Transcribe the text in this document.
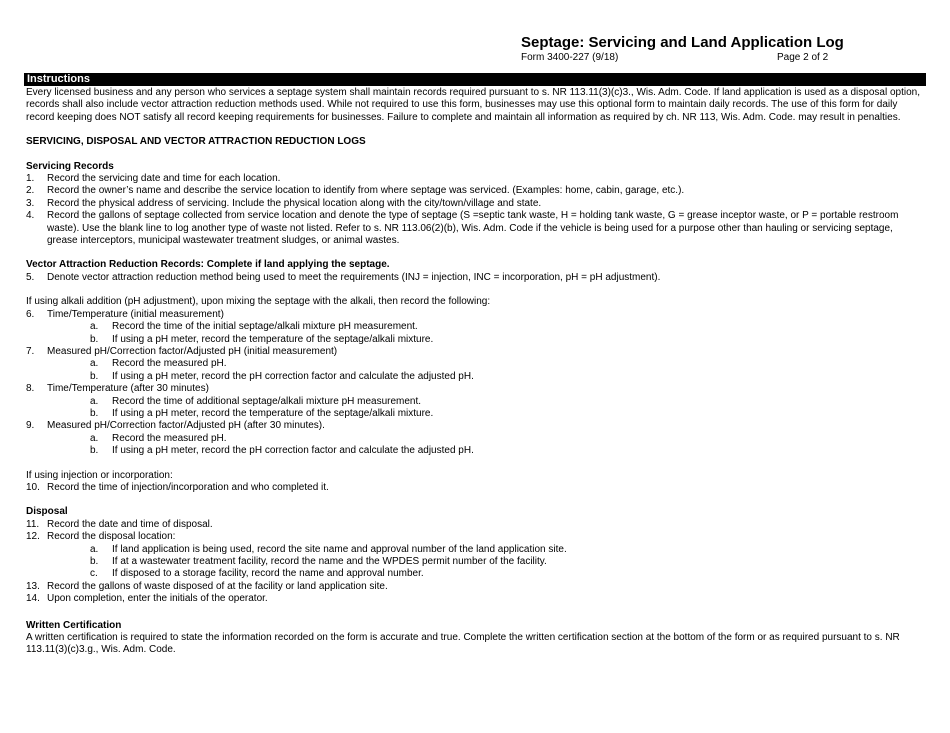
Septage: Servicing and Land Application Log
Form 3400-227 (9/18)	Page 2 of 2
Instructions

Every licensed business and any person who services a septage system shall maintain records required pursuant to s. NR 113.11(3)(c)3., Wis. Adm. Code. If land application is used as a disposal option, records shall also include vector attraction reduction methods used. While not required to use this form, businesses may use this optional form to maintain daily records. The use of this form for daily record keeping does NOT satisfy all record keeping requirements for businesses. Failure to complete and maintain all information as required by ch. NR 113, Wis. Adm. Code. may result in penalties.

SERVICING, DISPOSAL AND VECTOR ATTRACTION REDUCTION LOGS

Servicing Records

1. Record the servicing date and time for each location.
2. Record the owner’s name and describe the service location to identify from where septage was serviced. (Examples: home, cabin, garage, etc.).
3. Record the physical address of servicing. Include the physical location along with the city/town/village and state.
4. Record the gallons of septage collected from service location and denote the type of septage (S =septic tank waste, H = holding tank waste, G = grease inceptor waste, or P = portable restroom waste). Use the blank line to log another type of waste not listed. Refer to s. NR 113.06(2)(b), Wis. Adm. Code if the vehicle is being used for a purpose other than hauling or servicing septage, grease interceptors, municipal wastewater treatment sludges, or animal wastes.

Vector Attraction Reduction Records: Complete if land applying the septage.

5. Denote vector attraction reduction method being used to meet the requirements (INJ = injection, INC = incorporation, pH = pH adjustment).

If using alkali addition (pH adjustment), upon mixing the septage with the alkali, then record the following:

6. Time/Temperature (initial measurement)
a. Record the time of the initial septage/alkali mixture pH measurement.
b. If using a pH meter, record the temperature of the septage/alkali mixture.
7. Measured pH/Correction factor/Adjusted pH (initial measurement)
a. Record the measured pH.
b. If using a pH meter, record the pH correction factor and calculate the adjusted pH.
8. Time/Temperature (after 30 minutes)
a. Record the time of additional septage/alkali mixture pH measurement.
b. If using a pH meter, record the temperature of the septage/alkali mixture.
9. Measured pH/Correction factor/Adjusted pH (after 30 minutes).
a. Record the measured pH.
b. If using a pH meter, record the pH correction factor and calculate the adjusted pH.

If using injection or incorporation:

10. Record the time of injection/incorporation and who completed it.

Disposal

11. Record the date and time of disposal.
12. Record the disposal location:
a. If land application is being used, record the site name and approval number of the land application site.
b. If at a wastewater treatment facility, record the name and the WPDES permit number of the facility.
c. If disposed to a storage facility, record the name and approval number.
13. Record the gallons of waste disposed of at the facility or land application site.
14. Upon completion, enter the initials of the operator.

Written Certification

A written certification is required to state the information recorded on the form is accurate and true. Complete the written certification section at the bottom of the form or as required pursuant to s. NR 113.11(3)(c)3.g., Wis. Adm. Code.
